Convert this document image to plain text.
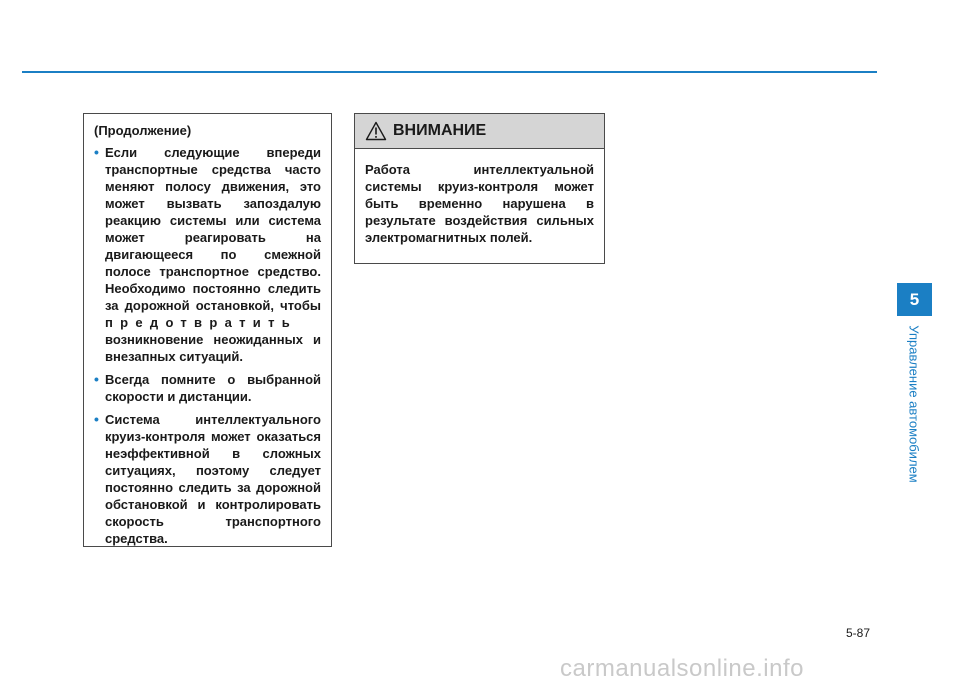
(Продолжение)
• Если следующие впереди транспортные средства часто меняют полосу движения, это может вызвать запоздалую реакцию системы или система может реагировать на двигающееся по смежной полосе транспортное средство. Необходимо постоянно следить за дорожной остановкой, чтобы предотвратить возникновение неожиданных и внезапных ситуаций.
• Всегда помните о выбранной скорости и дистанции.
• Система интеллектуального круиз-контроля может оказаться неэффективной в сложных ситуациях, поэтому следует постоянно следить за дорожной обстановкой и контролировать скорость транспортного средства.
ВНИМАНИЕ
Работа интеллектуальной системы круиз-контроля может быть временно нарушена в результате воздействия сильных электромагнитных полей.
5
Управление автомобилем
5-87
carmanualsonline.info
